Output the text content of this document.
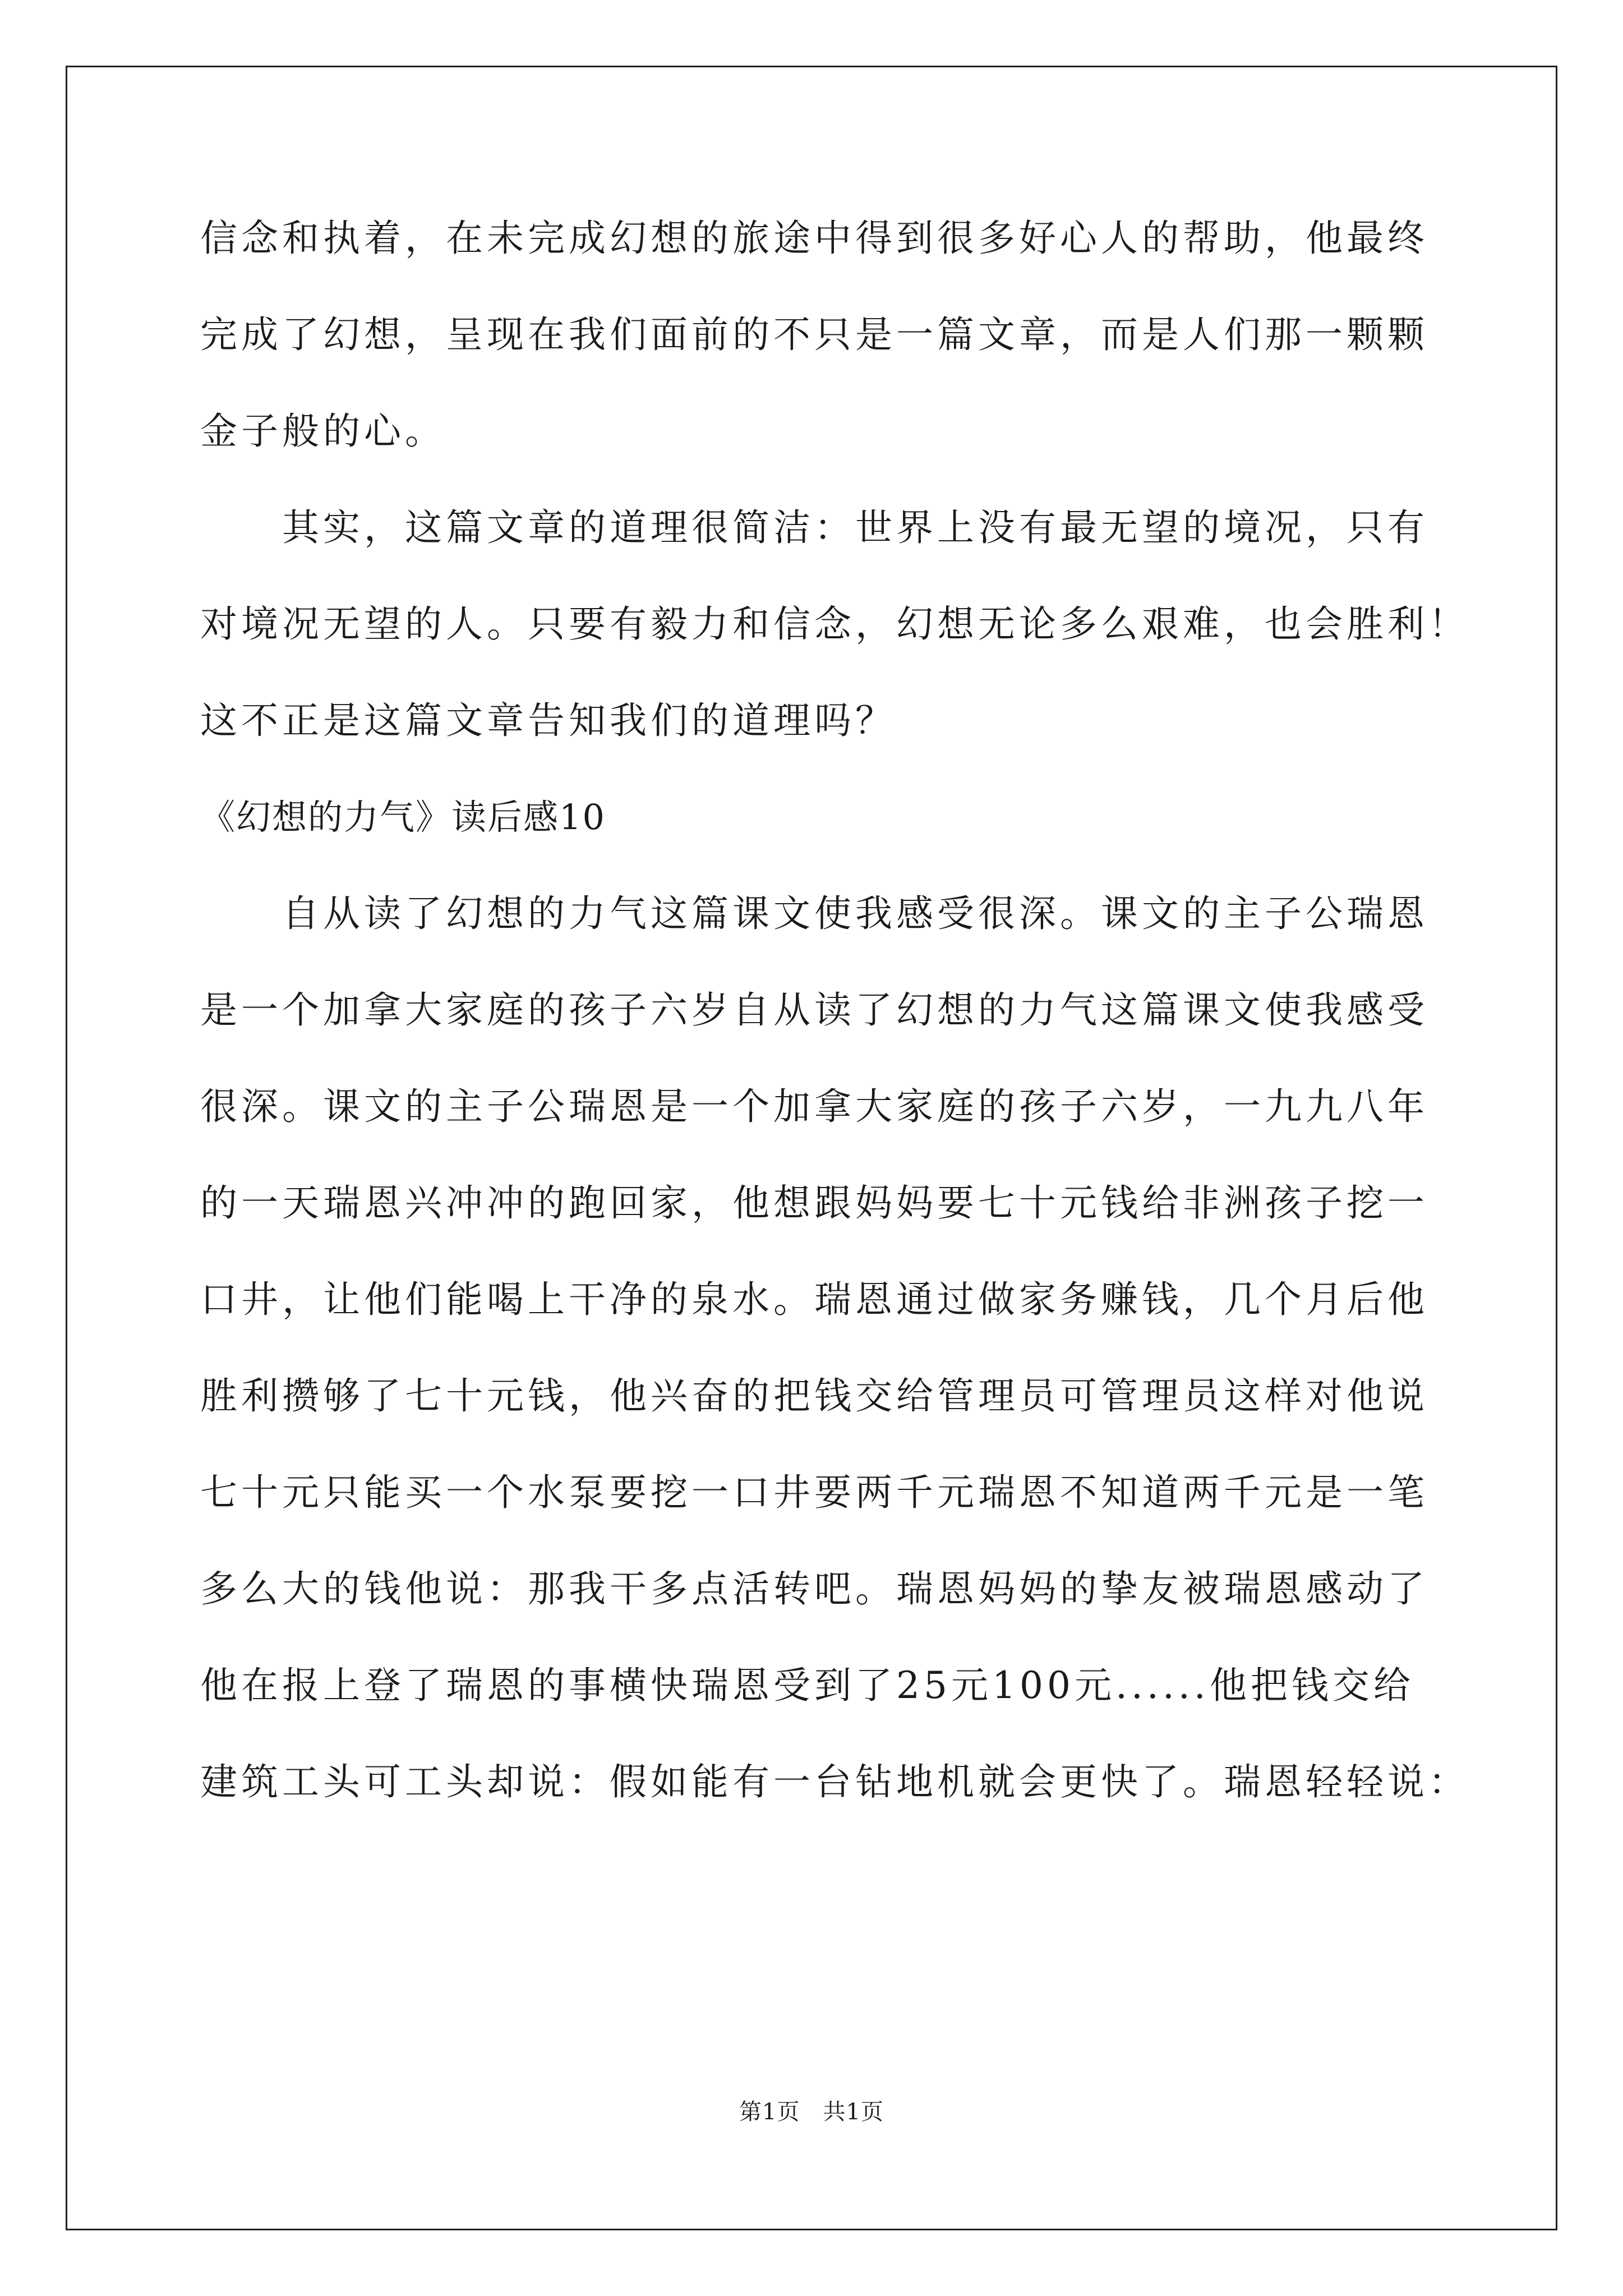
信念和执着，在未完成幻想的旅途中得到很多好心人的帮助，他最终
完成了幻想，呈现在我们面前的不只是一篇文章，而是人们那一颗颗
金子般的心。
　　其实，这篇文章的道理很简洁：世界上没有最无望的境况，只有
对境况无望的人。只要有毅力和信念，幻想无论多么艰难，也会胜利！
这不正是这篇文章告知我们的道理吗？
《幻想的力气》读后感10
　　自从读了幻想的力气这篇课文使我感受很深。课文的主子公瑞恩
是一个加拿大家庭的孩子六岁自从读了幻想的力气这篇课文使我感受
很深。课文的主子公瑞恩是一个加拿大家庭的孩子六岁，一九九八年
的一天瑞恩兴冲冲的跑回家，他想跟妈妈要七十元钱给非洲孩子挖一
口井，让他们能喝上干净的泉水。瑞恩通过做家务赚钱，几个月后他
胜利攒够了七十元钱，他兴奋的把钱交给管理员可管理员这样对他说
七十元只能买一个水泵要挖一口井要两千元瑞恩不知道两千元是一笔
多么大的钱他说：那我干多点活转吧。瑞恩妈妈的挚友被瑞恩感动了
他在报上登了瑞恩的事横快瑞恩受到了25元100元......他把钱交给
建筑工头可工头却说：假如能有一台钻地机就会更快了。瑞恩轻轻说：
第1页　共1页
